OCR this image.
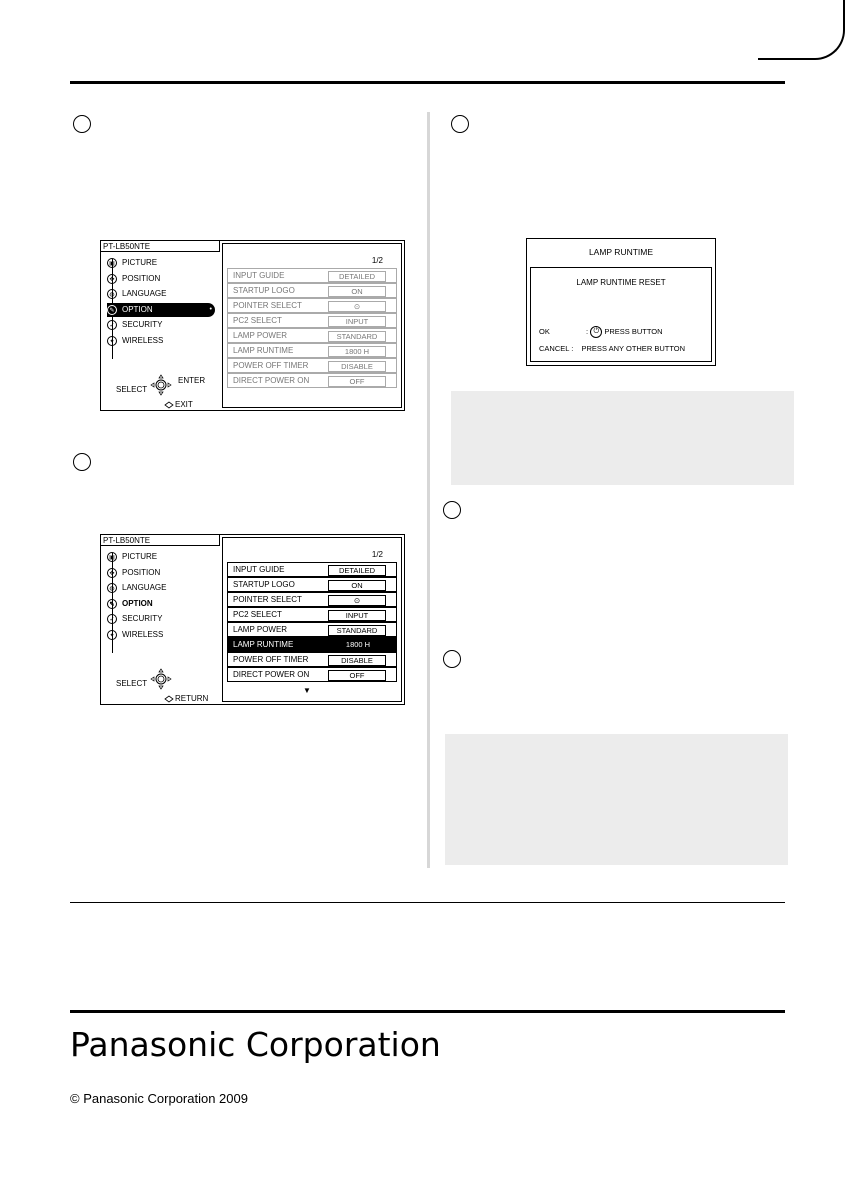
PT-LB50NTE
▣ PICTURE
✥ POSITION
◍ LANGUAGE
✎ OPTION	•
✓ SECURITY
✦ WIRELESS
1/2
INPUT GUIDE	DETAILED
STARTUP LOGO	ON
POINTER SELECT	⊙
PC2 SELECT	INPUT
LAMP POWER	STANDARD
LAMP RUNTIME	1800 H
POWER OFF TIMER	DISABLE
DIRECT POWER ON	OFF
SELECT
ENTER
EXIT
PT-LB50NTE
▣ PICTURE
✥ POSITION
◍ LANGUAGE
✎ OPTION
✓ SECURITY
✦ WIRELESS
1/2
INPUT GUIDE	DETAILED
STARTUP LOGO	ON
POINTER SELECT	⊙
PC2 SELECT	INPUT
LAMP POWER	STANDARD
LAMP RUNTIME	1800 H
POWER OFF TIMER	DISABLE
DIRECT POWER ON	OFF
▼
SELECT
RETURN
LAMP RUNTIME
LAMP RUNTIME RESET
OK	: ⏻ PRESS BUTTON
CANCEL : PRESS ANY OTHER BUTTON
Panasonic Corporation
© Panasonic Corporation 2009
